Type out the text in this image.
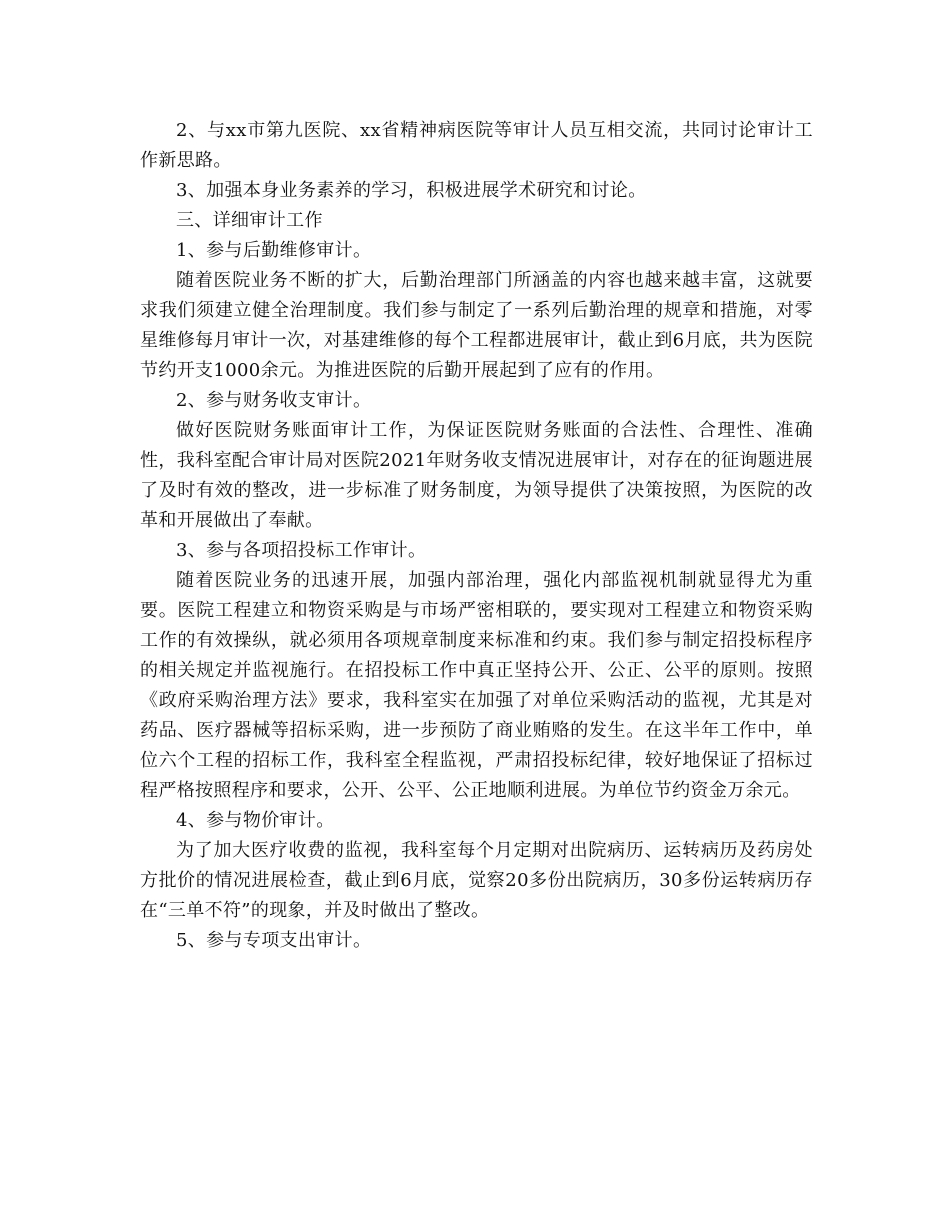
2、与xx市第九医院、xx省精神病医院等审计人员互相交流，共同讨论审计工作新思路。

3、加强本身业务素养的学习，积极进展学术研究和讨论。

三、详细审计工作

1、参与后勤维修审计。

随着医院业务不断的扩大，后勤治理部门所涵盖的内容也越来越丰富，这就要求我们须建立健全治理制度。我们参与制定了一系列后勤治理的规章和措施，对零星维修每月审计一次，对基建维修的每个工程都进展审计，截止到6月底，共为医院节约开支1000余元。为推进医院的后勤开展起到了应有的作用。

2、参与财务收支审计。

做好医院财务账面审计工作，为保证医院财务账面的合法性、合理性、准确性，我科室配合审计局对医院2021年财务收支情况进展审计，对存在的征询题进展了及时有效的整改，进一步标准了财务制度，为领导提供了决策按照，为医院的改革和开展做出了奉献。

3、参与各项招投标工作审计。

随着医院业务的迅速开展，加强内部治理，强化内部监视机制就显得尤为重要。医院工程建立和物资采购是与市场严密相联的，要实现对工程建立和物资采购工作的有效操纵，就必须用各项规章制度来标准和约束。我们参与制定招投标程序的相关规定并监视施行。在招投标工作中真正坚持公开、公正、公平的原则。按照《政府采购治理方法》要求，我科室实在加强了对单位采购活动的监视，尤其是对药品、医疗器械等招标采购，进一步预防了商业贿赂的发生。在这半年工作中，单位六个工程的招标工作，我科室全程监视，严肃招投标纪律，较好地保证了招标过程严格按照程序和要求，公开、公平、公正地顺利进展。为单位节约资金万余元。

4、参与物价审计。

为了加大医疗收费的监视，我科室每个月定期对出院病历、运转病历及药房处方批价的情况进展检查，截止到6月底，觉察20多份出院病历，30多份运转病历存在“三单不符”的现象，并及时做出了整改。

5、参与专项支出审计。
